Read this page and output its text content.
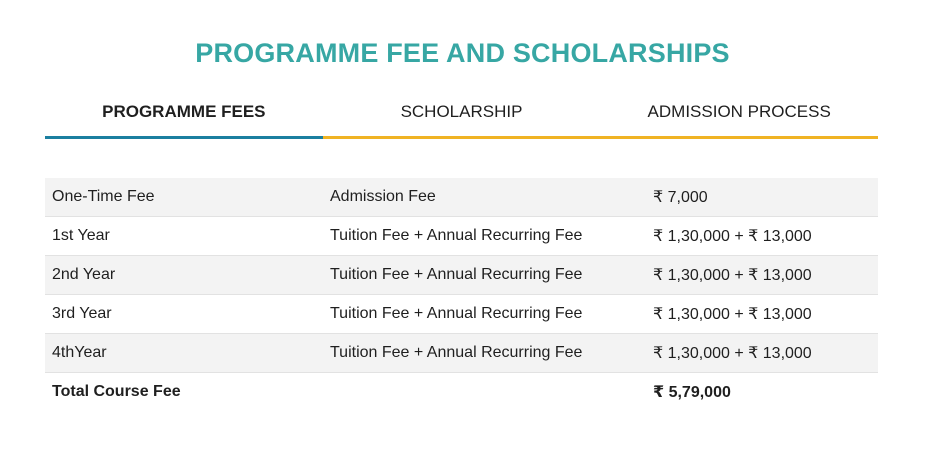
PROGRAMME FEE AND SCHOLARSHIPS
PROGRAMME FEES	SCHOLARSHIP	ADMISSION PROCESS
One-Time Fee	Admission Fee	₹ 7,000
1st Year	Tuition Fee + Annual Recurring Fee	₹ 1,30,000 + ₹ 13,000
2nd Year	Tuition Fee + Annual Recurring Fee	₹ 1,30,000 + ₹ 13,000
3rd Year	Tuition Fee + Annual Recurring Fee	₹ 1,30,000 + ₹ 13,000
4thYear	Tuition Fee + Annual Recurring Fee	₹ 1,30,000 + ₹ 13,000
Total Course Fee		₹ 5,79,000
